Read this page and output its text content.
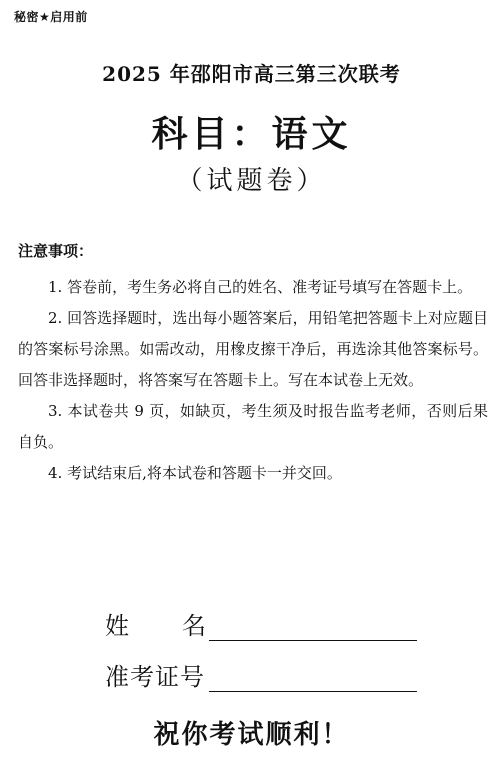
秘密★启用前
2025 年邵阳市高三第三次联考
科目：语文
（试题卷）
注意事项：

1. 答卷前，考生务必将自己的姓名、准考证号填写在答题卡上。

2. 回答选择题时，选出每小题答案后，用铅笔把答题卡上对应题目的答案标号涂黑。如需改动，用橡皮擦干净后，再选涂其他答案标号。回答非选择题时，将答案写在答题卡上。写在本试卷上无效。

3. 本试卷共 9 页，如缺页，考生须及时报告监考老师，否则后果自负。

4. 考试结束后,将本试卷和答题卡一并交回。

姓名
准考证号
祝你考试顺利！
